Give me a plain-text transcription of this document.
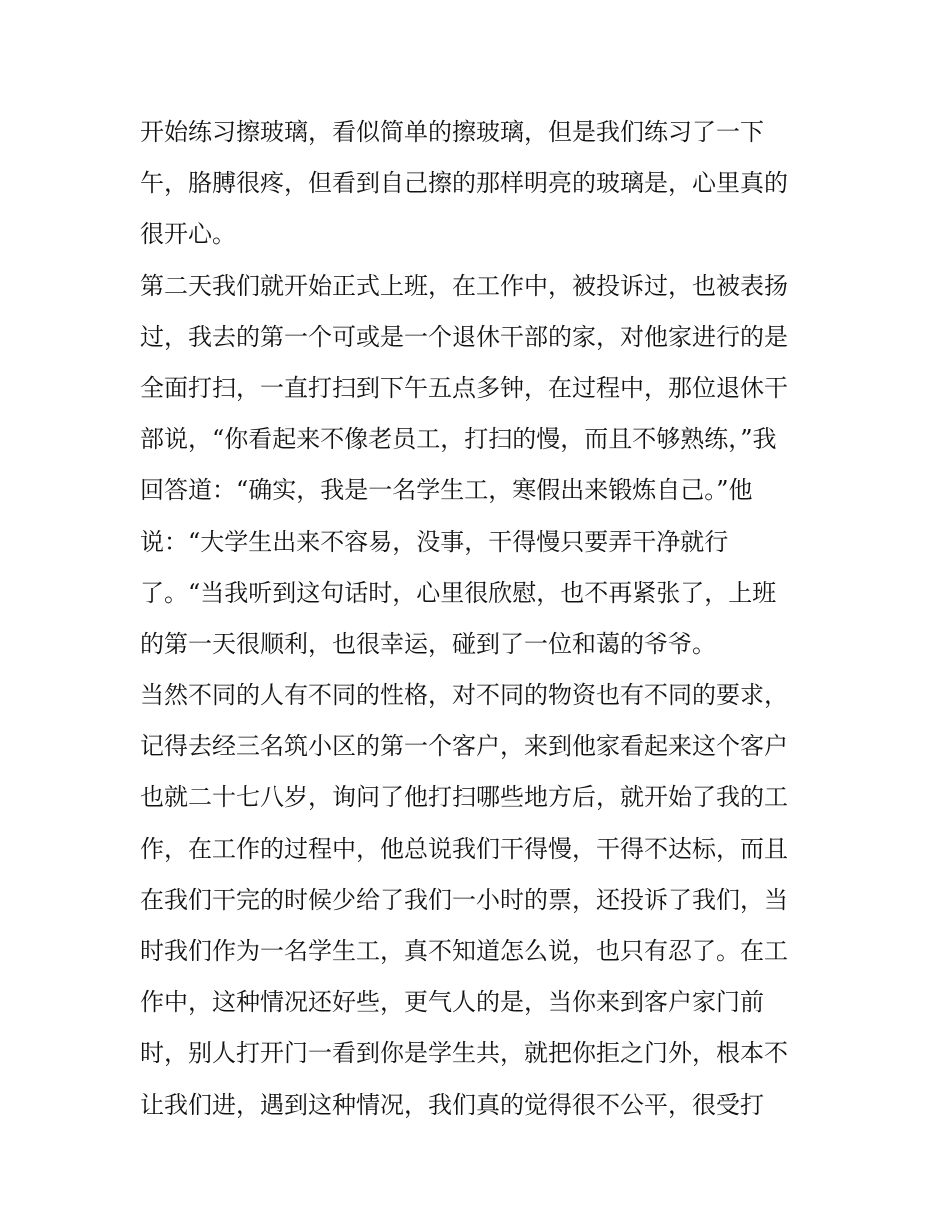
开始练习擦玻璃，看似简单的擦玻璃，但是我们练习了一下
午，胳膊很疼，但看到自己擦的那样明亮的玻璃是，心里真的
很开心。
第二天我们就开始正式上班，在工作中，被投诉过，也被表扬
过，我去的第一个可或是一个退休干部的家，对他家进行的是
全面打扫，一直打扫到下午五点多钟，在过程中，那位退休干
部说，“你看起来不像老员工，打扫的慢，而且不够熟练，”我
回答道：“确实，我是一名学生工，寒假出来锻炼自己。”他
说：“大学生出来不容易，没事，干得慢只要弄干净就行
了。“当我听到这句话时，心里很欣慰，也不再紧张了，上班
的第一天很顺利，也很幸运，碰到了一位和蔼的爷爷。
当然不同的人有不同的性格，对不同的物资也有不同的要求，
记得去经三名筑小区的第一个客户，来到他家看起来这个客户
也就二十七八岁，询问了他打扫哪些地方后，就开始了我的工
作，在工作的过程中，他总说我们干得慢，干得不达标，而且
在我们干完的时候少给了我们一小时的票，还投诉了我们，当
时我们作为一名学生工，真不知道怎么说，也只有忍了。在工
作中，这种情况还好些，更气人的是，当你来到客户家门前
时，别人打开门一看到你是学生共，就把你拒之门外，根本不
让我们进，遇到这种情况，我们真的觉得很不公平，很受打
